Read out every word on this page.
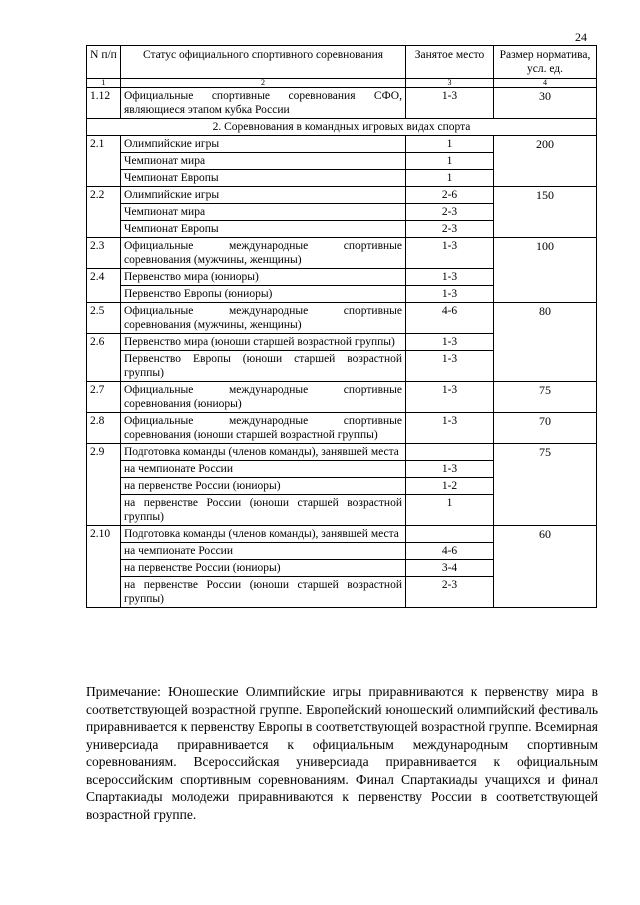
24
N п/п	Статус официального спортивного соревнования	Занятое место	Размер норматива, усл. ед.
1	2	3	4
1.12	Официальные спортивные соревнования СФО, являющиеся этапом кубка России	1-3	30
2. Соревнования в командных игровых видах спорта			
2.1	Олимпийские игры	1	200
	Чемпионат мира	1	
	Чемпионат Европы	1	
2.2	Олимпийские игры	2-6	150
	Чемпионат мира	2-3	
	Чемпионат Европы	2-3	
2.3	Официальные международные спортивные соревнования (мужчины, женщины)	1-3	100
2.4	Первенство мира (юниоры)	1-3	
	Первенство Европы (юниоры)	1-3	
2.5	Официальные международные спортивные соревнования (мужчины, женщины)	4-6	80
2.6	Первенство мира (юноши старшей возрастной группы)	1-3	
	Первенство Европы (юноши старшей возрастной группы)	1-3	
2.7	Официальные международные спортивные соревнования (юниоры)	1-3	75
2.8	Официальные международные спортивные соревнования (юноши старшей возрастной группы)	1-3	70
2.9	Подготовка команды (членов команды), занявшей места		75
	на чемпионате России	1-3	
	на первенстве России (юниоры)	1-2	
	на первенстве России (юноши старшей возрастной группы)	1	
2.10	Подготовка команды (членов команды), занявшей места		60
	на чемпионате России	4-6	
	на первенстве России (юниоры)	3-4	
	на первенстве России (юноши старшей возрастной группы)	2-3	

Примечание: Юношеские Олимпийские игры приравниваются к первенству мира в соответствующей возрастной группе. Европейский юношеский олимпийский фестиваль приравнивается к первенству Европы в соответствующей возрастной группе. Всемирная универсиада приравнивается к официальным международным спортивным соревнованиям. Всероссийская универсиада приравнивается к официальным всероссийским спортивным соревнованиям. Финал Спартакиады учащихся и финал Спартакиады молодежи приравниваются к первенству России в соответствующей возрастной группе.
